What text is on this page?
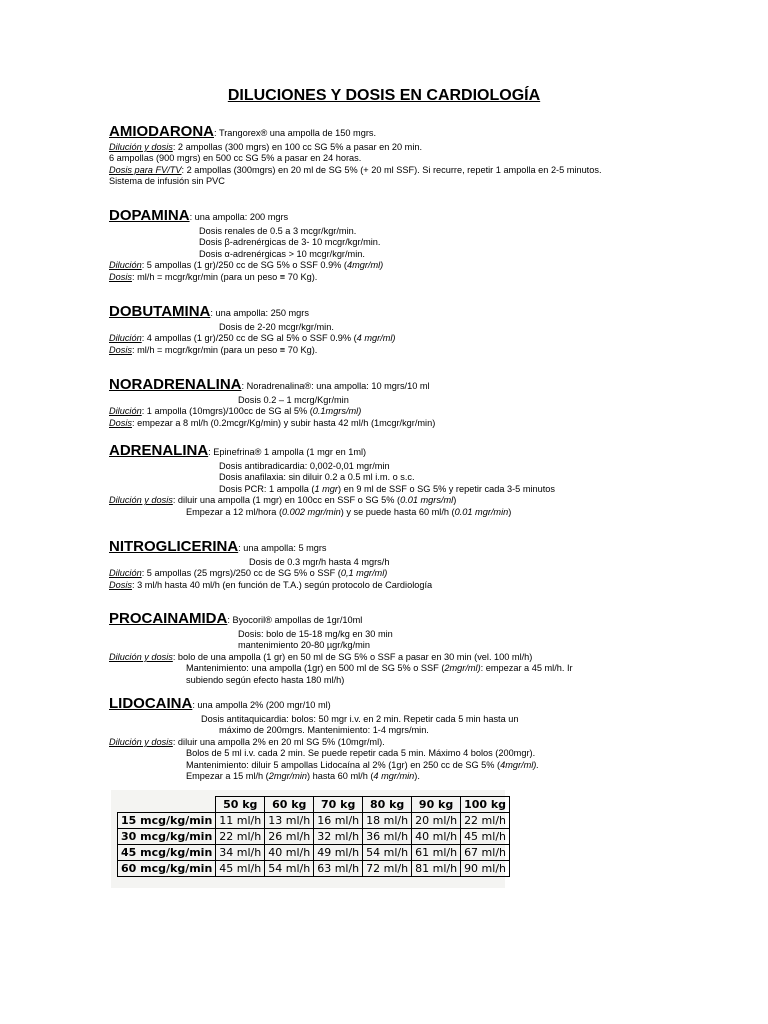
DILUCIONES Y DOSIS EN CARDIOLOGÍA
AMIODARONA: Trangorex® una ampolla de 150 mgrs.
Dilución y dosis: 2 ampollas (300 mgrs) en 100 cc SG 5% a pasar en 20 min.
6 ampollas (900 mgrs) en 500 cc SG 5% a pasar en 24 horas.
Dosis para FV/TV: 2 ampollas (300mgrs) en 20 ml de SG 5% (+ 20 ml SSF). Si recurre, repetir 1 ampolla en 2-5 minutos. Sistema de infusión sin PVC
DOPAMINA: una ampolla: 200 mgrs
Dosis renales de 0.5 a 3 mcgr/kgr/min.
Dosis β-adrenérgicas de 3- 10 mcgr/kgr/min.
Dosis α-adrenérgicas > 10 mcgr/kgr/min.
Dilución: 5 ampollas (1 gr)/250 cc de SG 5% o SSF 0.9% (4mgr/ml)
Dosis: ml/h = mcgr/kgr/min (para un peso ≡ 70 Kg).
DOBUTAMINA: una ampolla: 250 mgrs
Dosis de 2-20 mcgr/kgr/min.
Dilución: 4 ampollas (1 gr)/250 cc de SG al 5% o SSF 0.9% (4 mgr/ml)
Dosis: ml/h = mcgr/kgr/min (para un peso ≡ 70 Kg).
NORADRENALINA: Noradrenalina®: una ampolla: 10 mgrs/10 ml
Dosis 0.2 – 1 mcrg/Kgr/min
Dilución: 1 ampolla (10mgrs)/100cc de SG al 5% (0.1mgrs/ml)
Dosis: empezar a 8 ml/h (0.2mcgr/Kg/min) y subir hasta 42 ml/h (1mcgr/kgr/min)
ADRENALINA: Epinefrina® 1 ampolla (1 mgr en 1ml)
Dosis antibradicardia: 0,002-0,01 mgr/min
Dosis anafilaxia: sin diluir 0.2 a 0.5 ml i.m. o s.c.
Dosis PCR: 1 ampolla (1 mgr) en 9 ml de SSF o SG 5% y repetir cada 3-5 minutos
Dilución y dosis: diluir una ampolla (1 mgr) en 100cc en SSF o SG 5% (0.01 mgrs/ml)
Empezar a 12 ml/hora (0.002 mgr/min) y se puede hasta 60 ml/h (0.01 mgr/min)
NITROGLICERINA: una ampolla: 5 mgrs
Dosis de 0.3 mgr/h hasta 4 mgrs/h
Dilución: 5 ampollas (25 mgrs)/250 cc de SG 5% o SSF (0,1 mgr/ml)
Dosis: 3 ml/h hasta 40 ml/h (en función de T.A.) según protocolo de Cardiología
PROCAINAMIDA: Byocoril® ampollas de 1gr/10ml
Dosis: bolo de 15-18 mg/kg en 30 min
mantenimiento 20-80 µgr/kg/min
Dilución y dosis: bolo de una ampolla (1 gr) en 50 ml de SG 5% o SSF a pasar en 30 min (vel. 100 ml/h)
Mantenimiento: una ampolla (1gr) en 500 ml de SG 5% o SSF (2mgr/ml): empezar a 45 ml/h. Ir
subiendo según efecto hasta 180 ml/h)
LIDOCAINA: una ampolla 2% (200 mgr/10 ml)
Dosis antitaquicardia: bolos: 50 mgr i.v. en 2 min. Repetir cada 5 min hasta un
máximo de 200mgrs. Mantenimiento: 1-4 mgrs/min.
Dilución y dosis: diluir una ampolla 2% en 20 ml SG 5% (10mgr/ml).
Bolos de 5 ml i.v. cada 2 min. Se puede repetir cada 5 min. Máximo 4 bolos (200mgr).
Mantenimiento: diluir 5 ampollas Lidocaína al 2% (1gr) en 250 cc de SG 5% (4mgr/ml).
Empezar a 15 ml/h (2mgr/min) hasta 60 ml/h (4 mgr/min).
	50 kg	60 kg	70 kg	80 kg	90 kg	100 kg
15 mcg/kg/min	11 ml/h	13 ml/h	16 ml/h	18 ml/h	20 ml/h	22 ml/h
30 mcg/kg/min	22 ml/h	26 ml/h	32 ml/h	36 ml/h	40 ml/h	45 ml/h
45 mcg/kg/min	34 ml/h	40 ml/h	49 ml/h	54 ml/h	61 ml/h	67 ml/h
60 mcg/kg/min	45 ml/h	54 ml/h	63 ml/h	72 ml/h	81 ml/h	90 ml/h
